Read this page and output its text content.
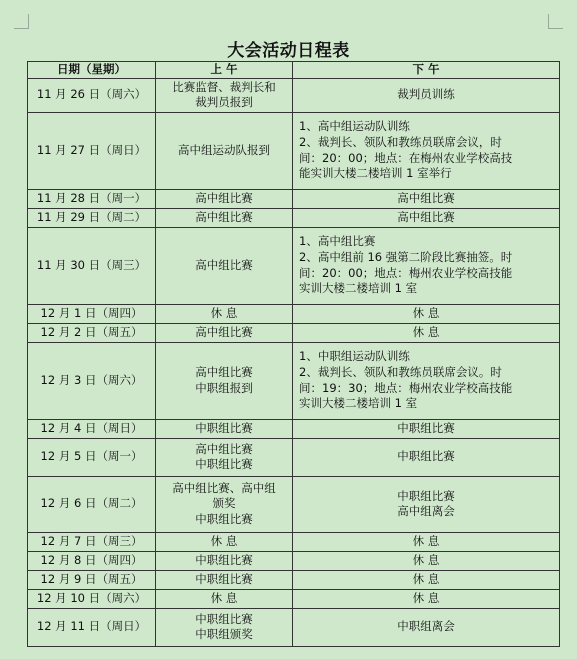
大会活动日程表
日期（星期）	上 午	下 午
11 月 26 日（周六）	比赛监督、裁判长和
裁判员报到	裁判员训练

11 月 27 日（周日）	高中组运动队报到	1、高中组运动队训练
2、裁判长、领队和教练员联席会议，时
间：20：00；地点：在梅州农业学校高技
能实训大楼二楼培训 1 室举行

11 月 28 日（周一）	高中组比赛	高中组比赛

11 月 29 日（周二）	高中组比赛	高中组比赛

11 月 30 日（周三）	高中组比赛	1、高中组比赛
2、高中组前 16 强第二阶段比赛抽签。时
间：20：00；地点：梅州农业学校高技能
实训大楼二楼培训 1 室

12 月 1 日（周四）	休 息	休 息

12 月 2 日（周五）	高中组比赛	休 息

12 月 3 日（周六）	高中组比赛
中职组报到	1、中职组运动队训练
2、裁判长、领队和教练员联席会议。时
间：19：30；地点：梅州农业学校高技能
实训大楼二楼培训 1 室

12 月 4 日（周日）	中职组比赛	中职组比赛

12 月 5 日（周一）	高中组比赛
中职组比赛	中职组比赛

12 月 6 日（周二）	高中组比赛、高中组
颁奖
中职组比赛	中职组比赛
高中组离会

12 月 7 日（周三）	休 息	休 息

12 月 8 日（周四）	中职组比赛	休 息

12 月 9 日（周五）	中职组比赛	休 息

12 月 10 日（周六）	休 息	休 息

12 月 11 日（周日）	中职组比赛
中职组颁奖	中职组离会
